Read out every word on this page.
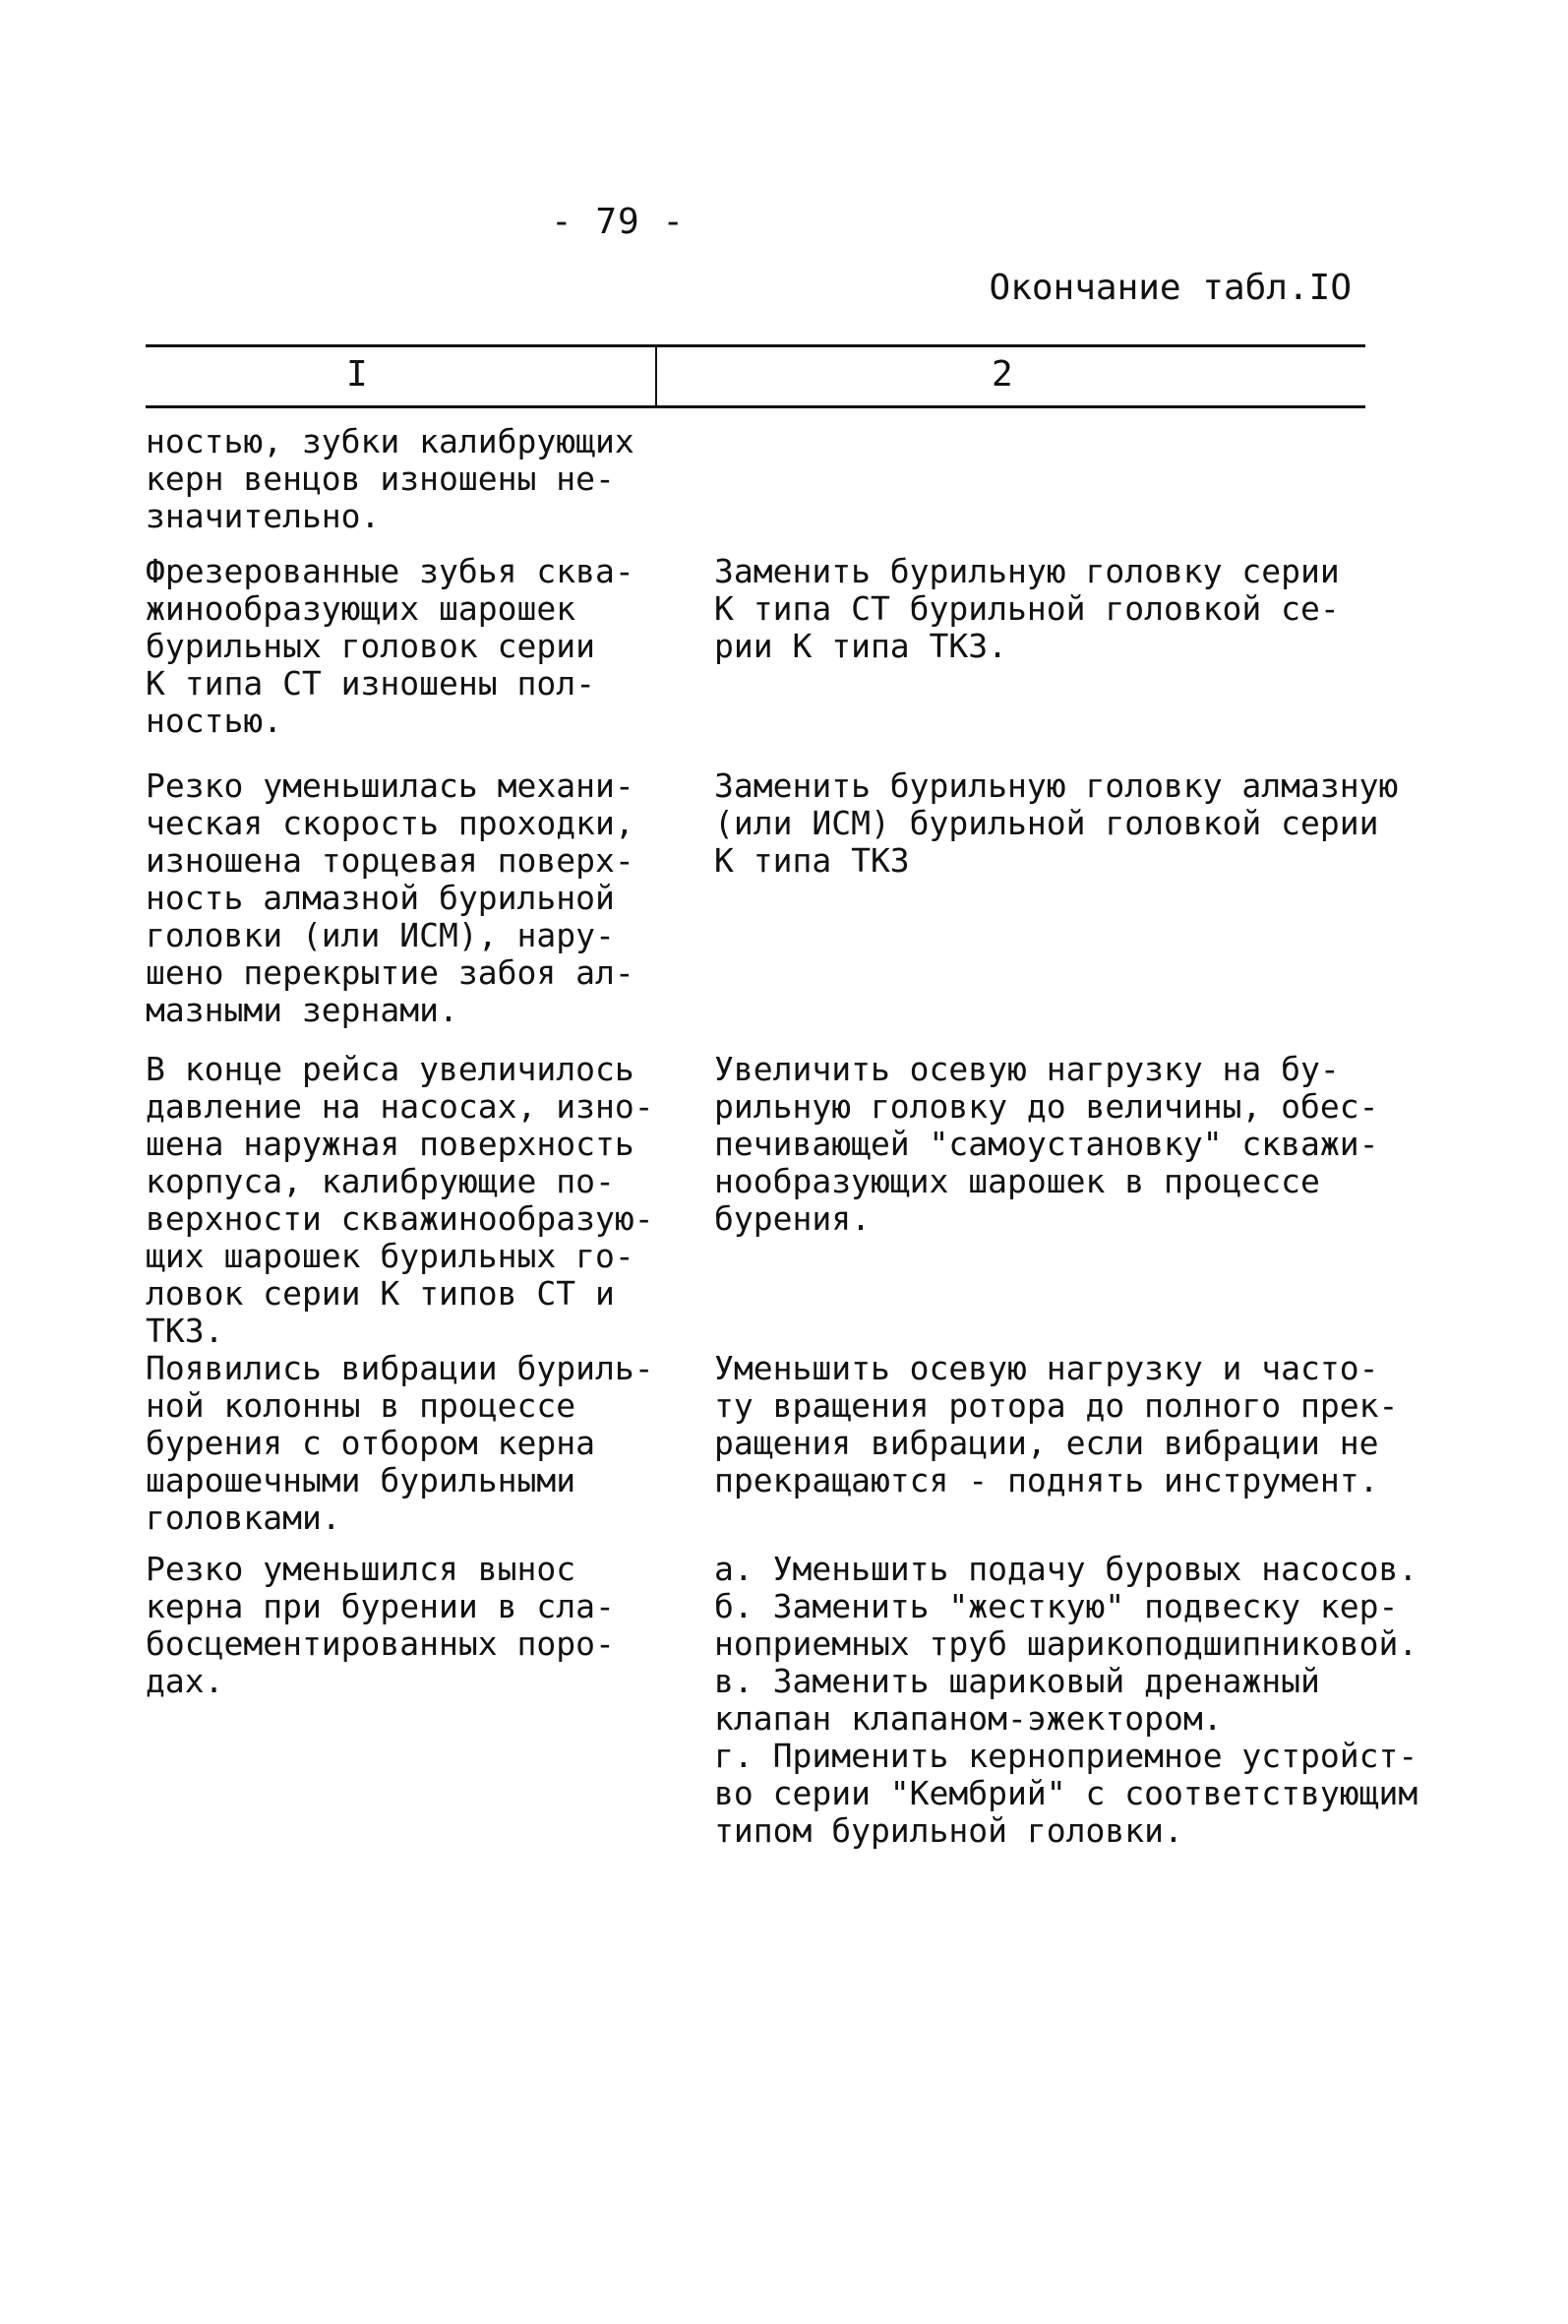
- 79 -
Окончание табл.IO
I	2
ностью, зубки калибрующих
керн венцов изношены не-
значительно.
Фрезерованные зубья сква-
жинообразующих шарошек
бурильных головок серии
К типа СТ изношены пол-
ностью.
Заменить бурильную головку серии
К типа СТ бурильной головкой се-
рии К типа ТКЗ.
Резко уменьшилась механи-
ческая скорость проходки,
изношена торцевая поверх-
ность алмазной бурильной
головки (или ИСМ), нару-
шено перекрытие забоя ал-
мазными зернами.
Заменить бурильную головку алмазную
(или ИСМ) бурильной головкой серии
К типа ТКЗ
В конце рейса увеличилось
давление на насосах, изно-
шена наружная поверхность
корпуса, калибрующие по-
верхности скважинообразую-
щих шарошек бурильных го-
ловок серии К типов СТ и
ТКЗ.
Увеличить осевую нагрузку на бу-
рильную головку до величины, обес-
печивающей "самоустановку" скважи-
нообразующих шарошек в процессе
бурения.
Появились вибрации буриль-
ной колонны в процессе
бурения с отбором керна
шарошечными бурильными
головками.
Уменьшить осевую нагрузку и часто-
ту вращения ротора до полного прек-
ращения вибрации, если вибрации не
прекращаются - поднять инструмент.
Резко уменьшился вынос
керна при бурении в сла-
босцементированных поро-
дах.
а. Уменьшить подачу буровых насосов.
б. Заменить "жесткую" подвеску кер-
ноприемных труб шарикоподшипниковой.
в. Заменить шариковый дренажный
клапан клапаном-эжектором.
г. Применить керноприемное устройст-
во серии "Кембрий" с соответствующим
типом бурильной головки.
